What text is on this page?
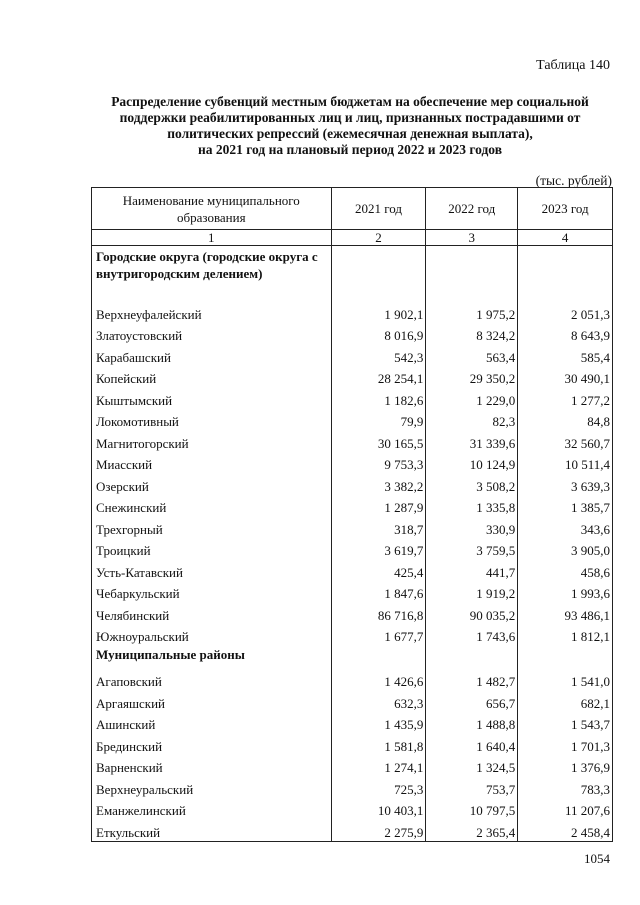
Таблица 140
Распределение субвенций местным бюджетам на обеспечение мер социальной
поддержки реабилитированных лиц и лиц, признанных пострадавшими от
политических репрессий (ежемесячная денежная выплата),
на 2021 год на плановый период 2022 и 2023 годов
(тыс. рублей)
Наименование муниципального образования	2021 год	2022 год	2023 год
1	2	3	4
Городские округа (городские округа с внутригородским делением)			
Верхнеуфалейский	1 902,1	1 975,2	2 051,3
Златоустовский	8 016,9	8 324,2	8 643,9
Карабашский	542,3	563,4	585,4
Копейский	28 254,1	29 350,2	30 490,1
Кыштымский	1 182,6	1 229,0	1 277,2
Локомотивный	79,9	82,3	84,8
Магнитогорский	30 165,5	31 339,6	32 560,7
Миасский	9 753,3	10 124,9	10 511,4
Озерский	3 382,2	3 508,2	3 639,3
Снежинский	1 287,9	1 335,8	1 385,7
Трехгорный	318,7	330,9	343,6
Троицкий	3 619,7	3 759,5	3 905,0
Усть-Катавский	425,4	441,7	458,6
Чебаркульский	1 847,6	1 919,2	1 993,6
Челябинский	86 716,8	90 035,2	93 486,1
Южноуральский	1 677,7	1 743,6	1 812,1
Муниципальные районы			
Агаповский	1 426,6	1 482,7	1 541,0
Аргаяшский	632,3	656,7	682,1
Ашинский	1 435,9	1 488,8	1 543,7
Брединский	1 581,8	1 640,4	1 701,3
Варненский	1 274,1	1 324,5	1 376,9
Верхнеуральский	725,3	753,7	783,3
Еманжелинский	10 403,1	10 797,5	11 207,6
Еткульский	2 275,9	2 365,4	2 458,4
1054
